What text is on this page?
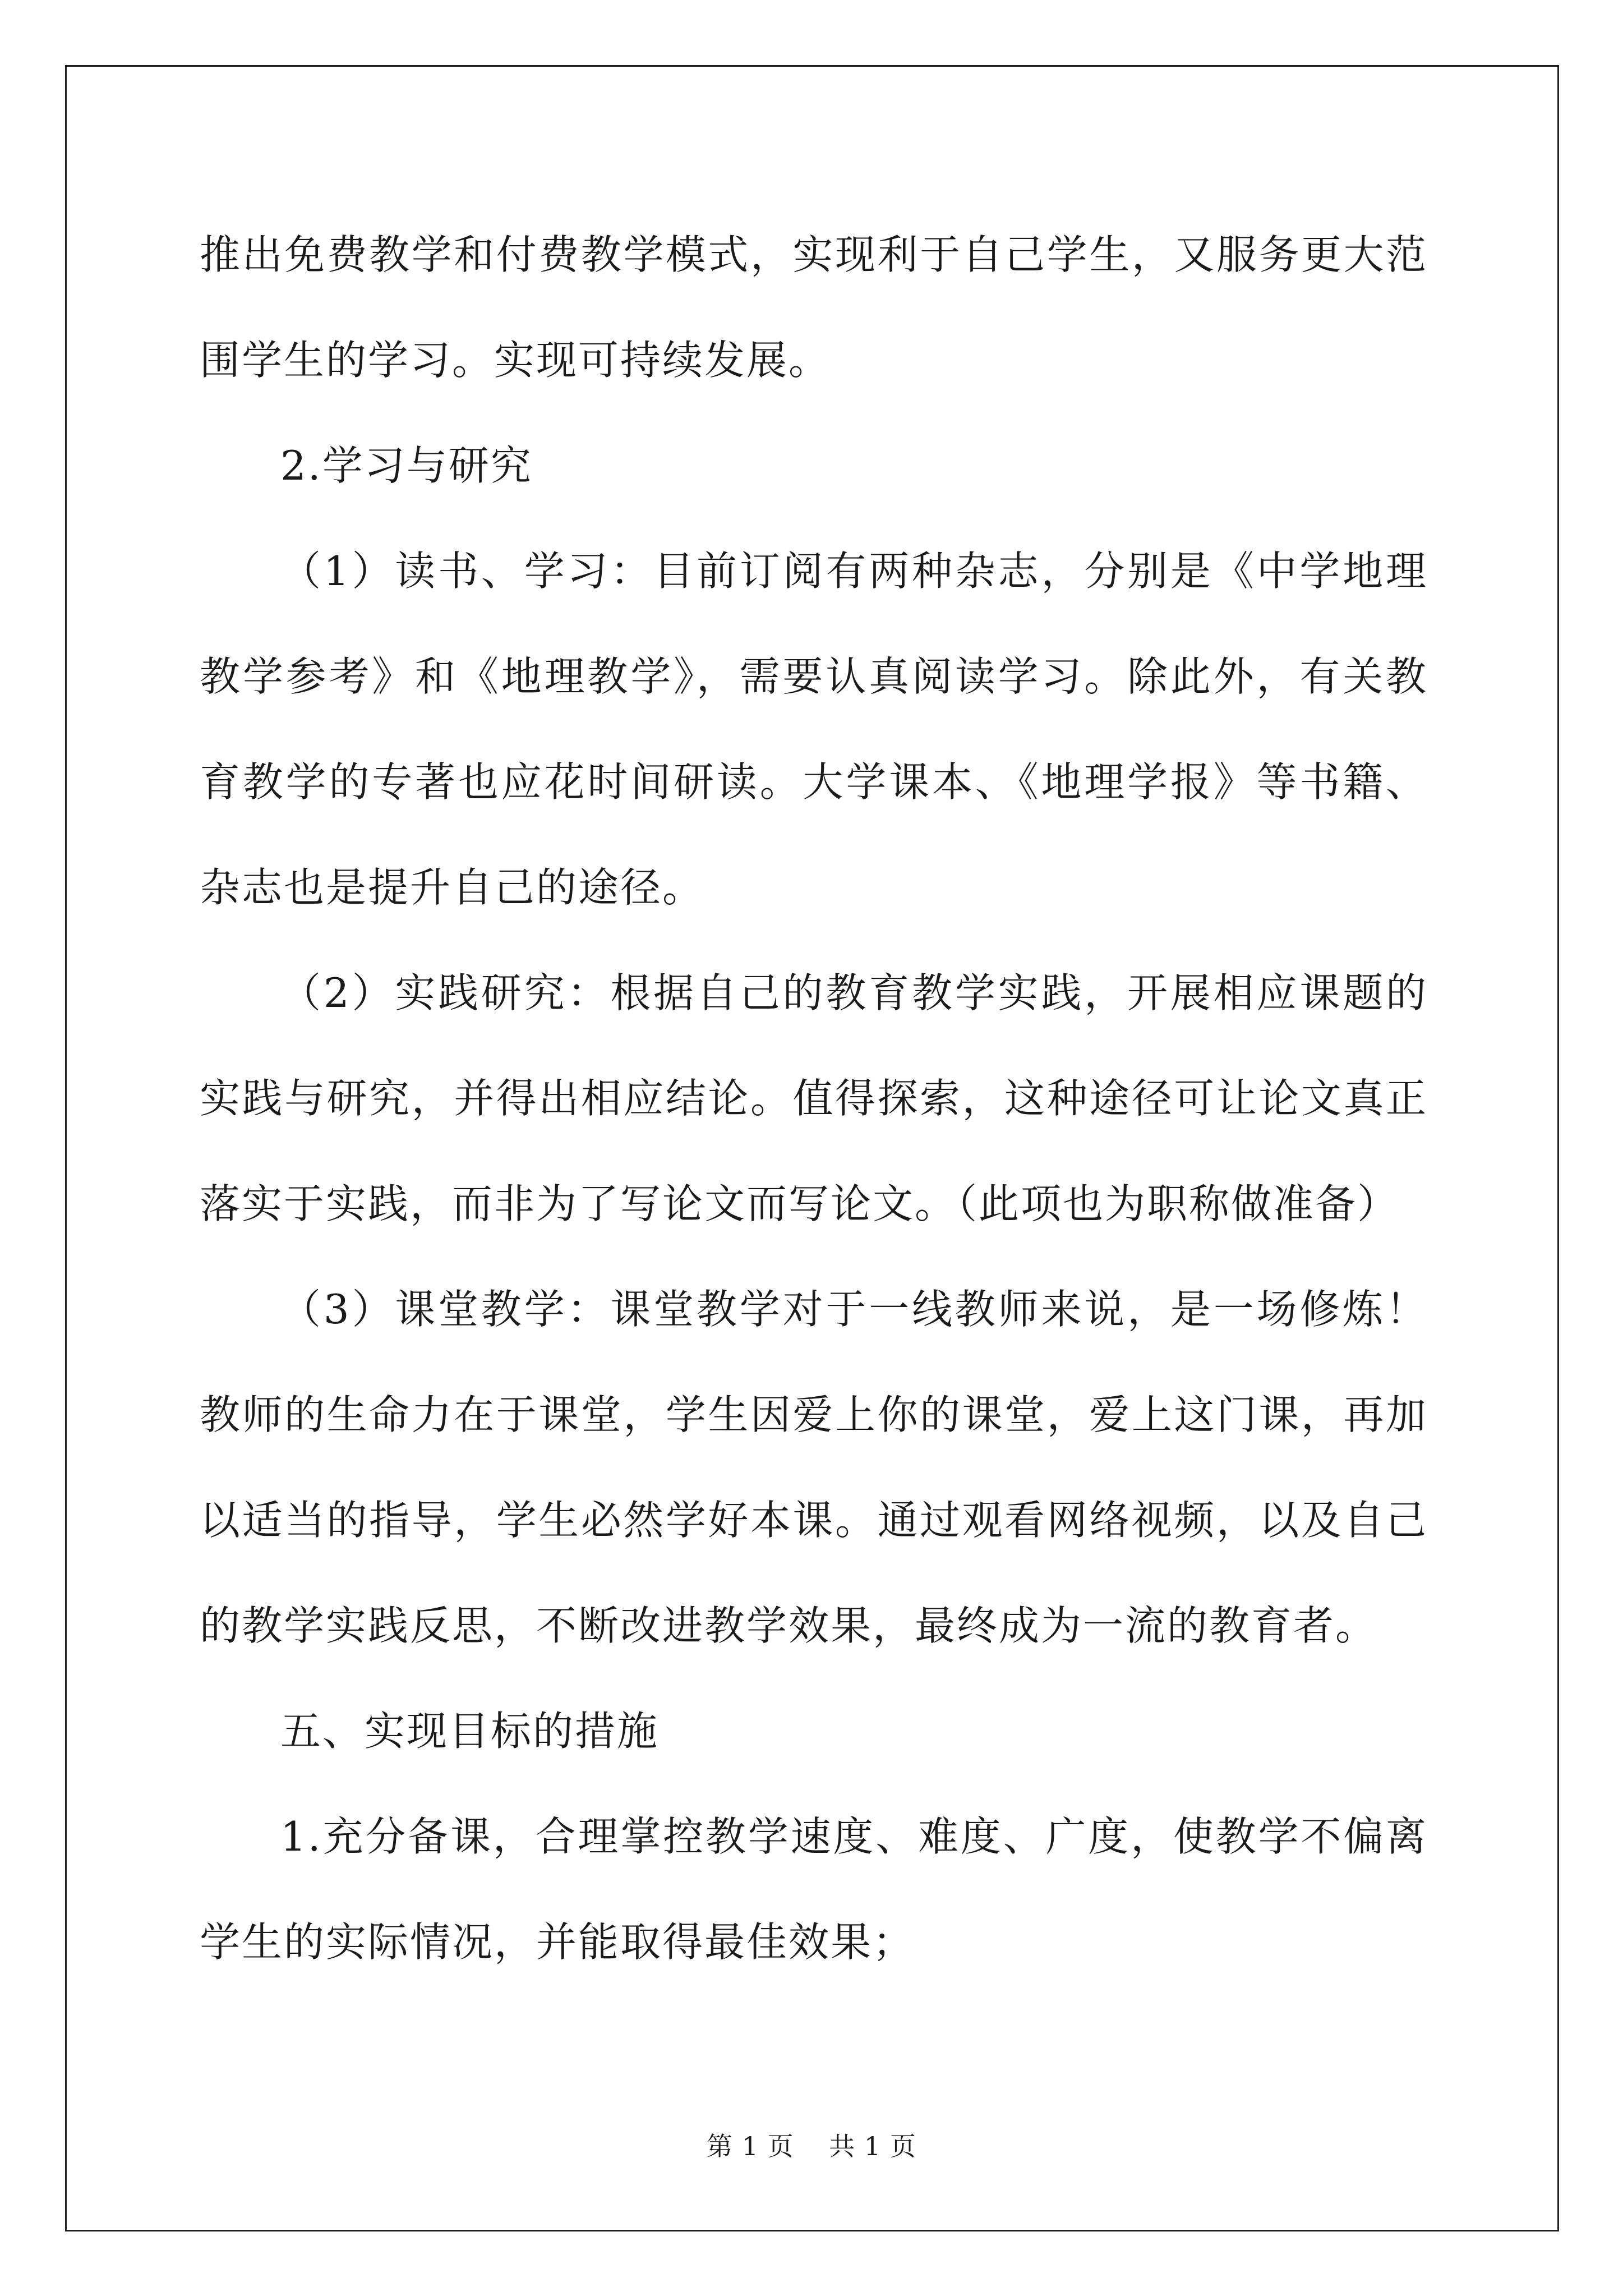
推出免费教学和付费教学模式，实现利于自己学生，又服务更大范围学生的学习。实现可持续发展。

2.学习与研究

（1）读书、学习：目前订阅有两种杂志，分别是《中学地理教学参考》和《地理教学》，需要认真阅读学习。除此外，有关教育教学的专著也应花时间研读。大学课本、《地理学报》等书籍、杂志也是提升自己的途径。

（2）实践研究：根据自己的教育教学实践，开展相应课题的实践与研究，并得出相应结论。值得探索，这种途径可让论文真正落实于实践，而非为了写论文而写论文。（此项也为职称做准备）

（3）课堂教学：课堂教学对于一线教师来说，是一场修炼！教师的生命力在于课堂，学生因爱上你的课堂，爱上这门课，再加以适当的指导，学生必然学好本课。通过观看网络视频，以及自己的教学实践反思，不断改进教学效果，最终成为一流的教育者。

五、实现目标的措施

1.充分备课，合理掌控教学速度、难度、广度，使教学不偏离学生的实际情况，并能取得最佳效果；

第 1 页　 共 1 页
